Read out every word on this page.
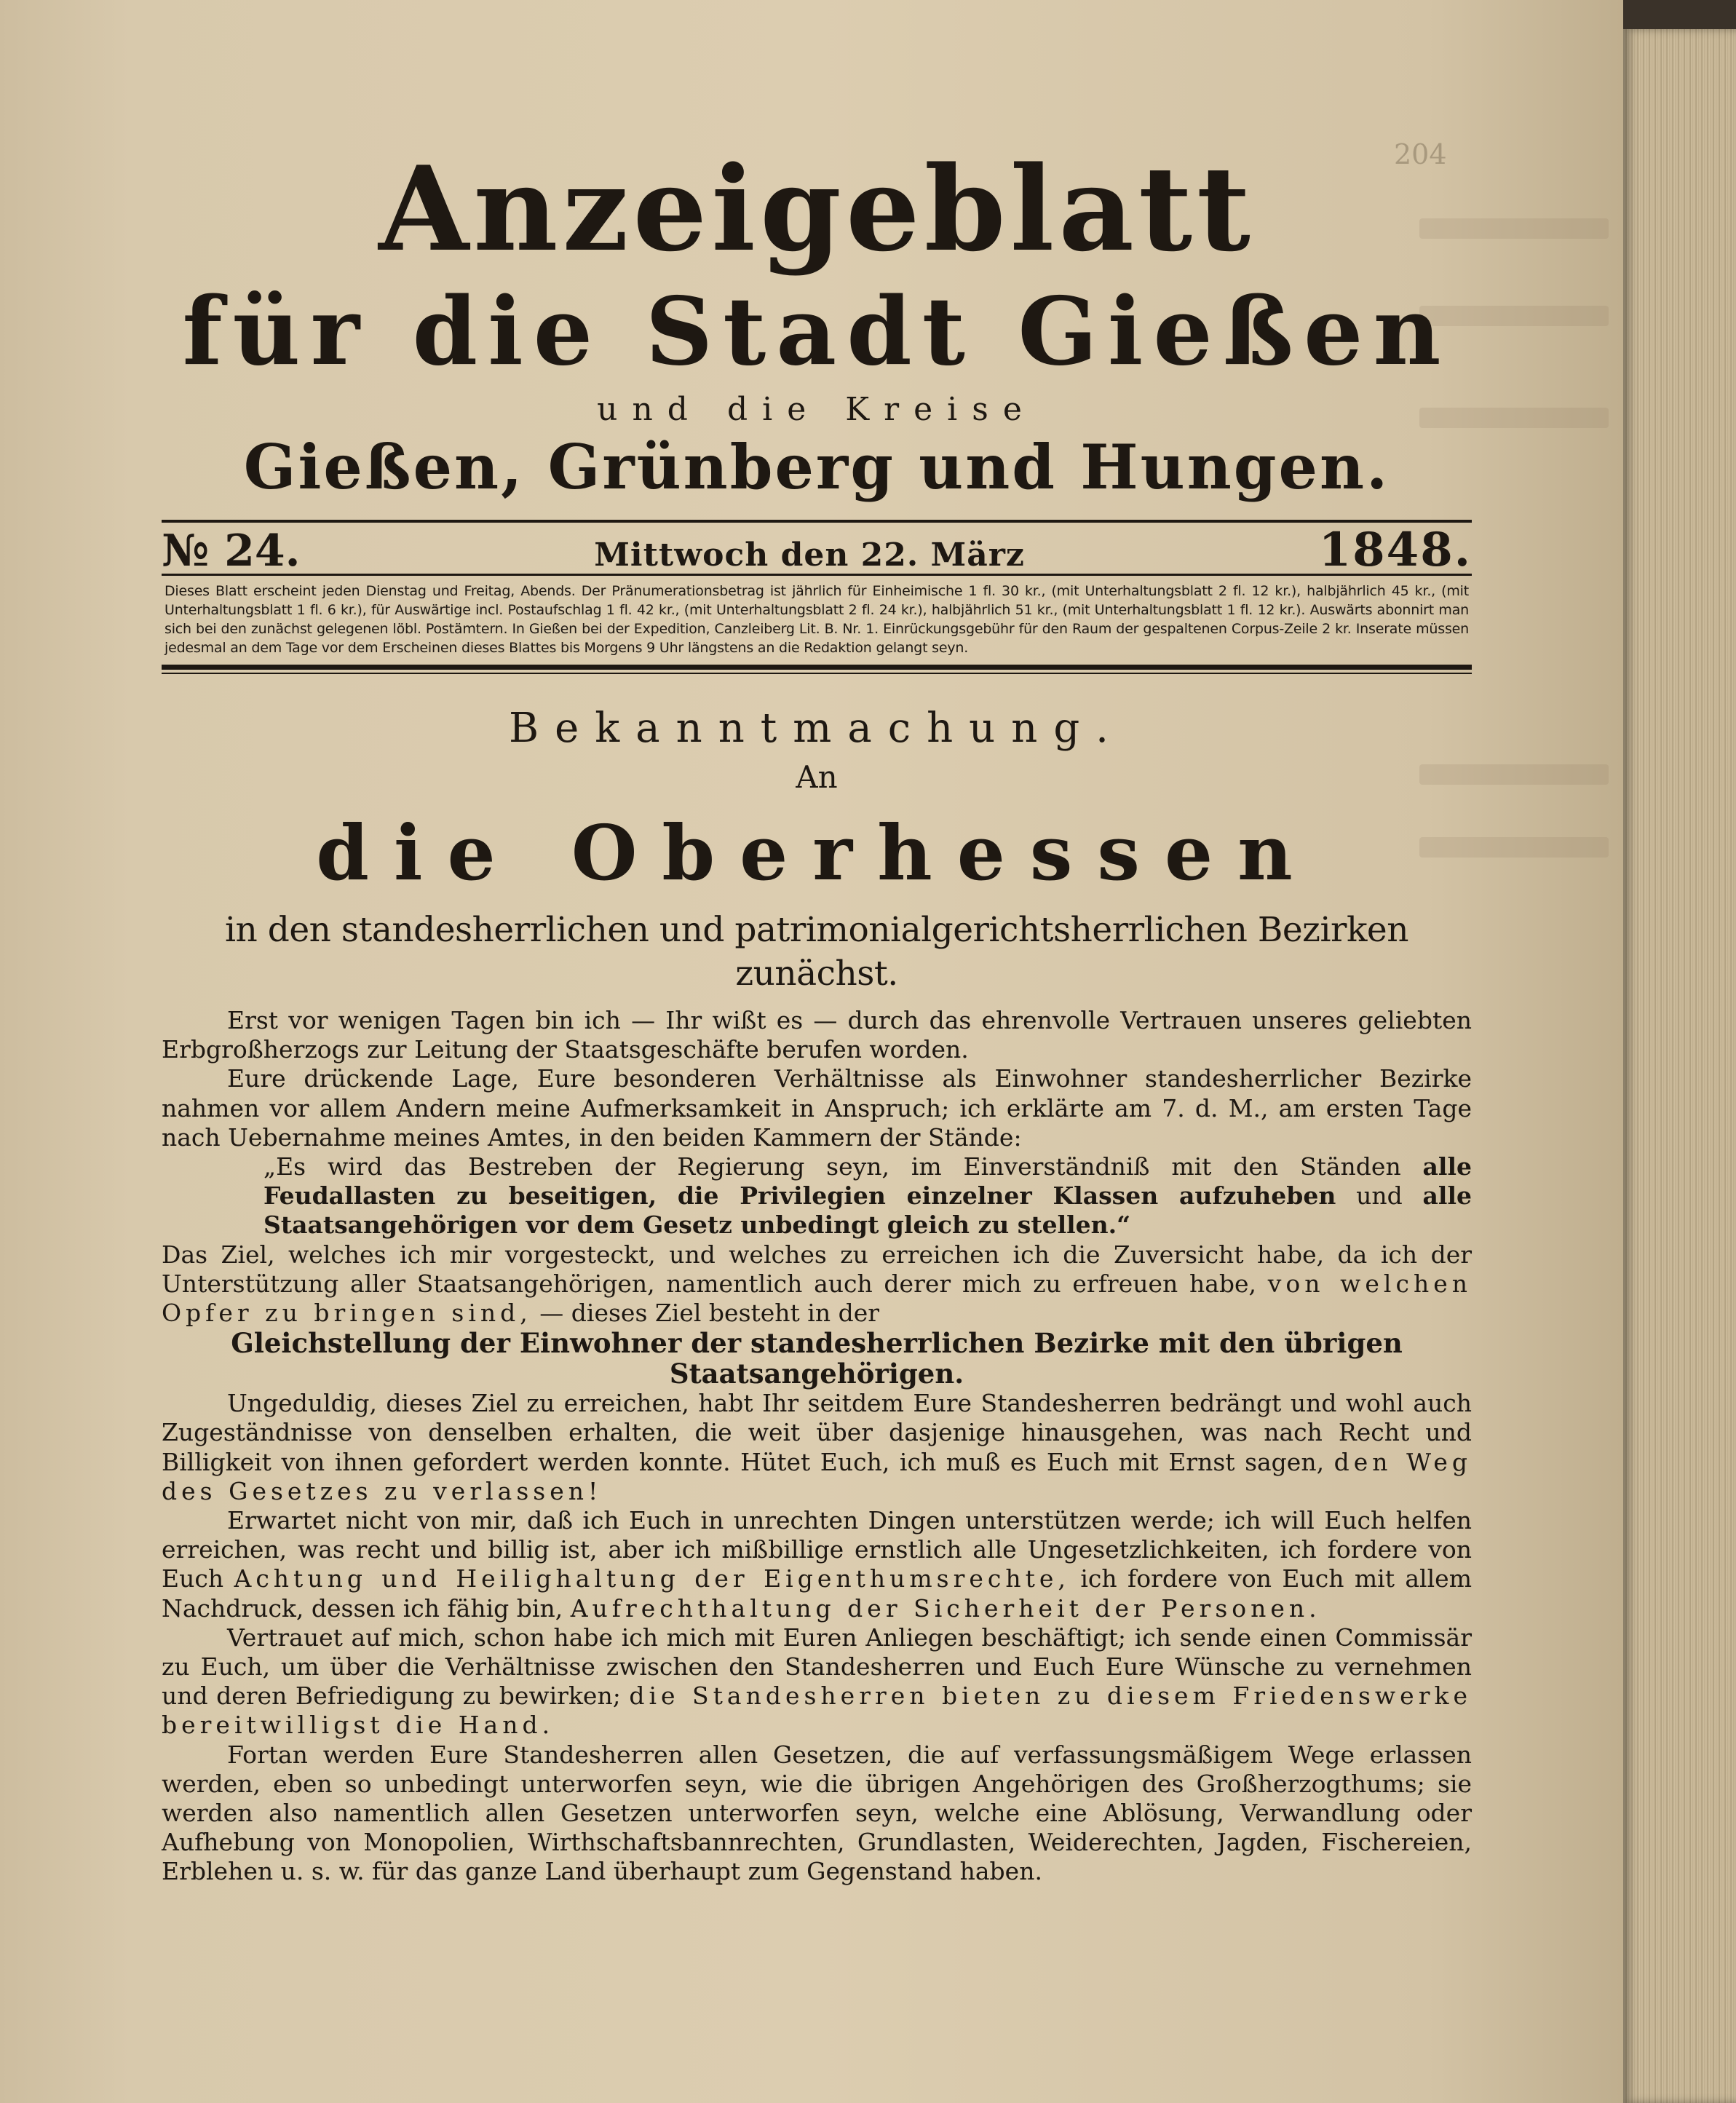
204
Anzeigeblatt
für die Stadt Gießen
und die Kreise
Gießen, Grünberg und Hungen.
№ 24.	Mittwoch den 22. März	1848.

Dieses Blatt erscheint jeden Dienstag und Freitag, Abends. Der Pränumerationsbetrag ist jährlich für Einheimische 1 fl. 30 kr., (mit Unterhaltungsblatt 2 fl. 12 kr.), halbjährlich 45 kr., (mit Unterhaltungsblatt 1 fl. 6 kr.), für Auswärtige incl. Postaufschlag 1 fl. 42 kr., (mit Unterhaltungsblatt 2 fl. 24 kr.), halbjährlich 51 kr., (mit Unterhaltungsblatt 1 fl. 12 kr.). Auswärts abonnirt man sich bei den zunächst gelegenen löbl. Postämtern. In Gießen bei der Expedition, Canzleiberg Lit. B. Nr. 1. Einrückungsgebühr für den Raum der gespaltenen Corpus-Zeile 2 kr. Inserate müssen jedesmal an dem Tage vor dem Erscheinen dieses Blattes bis Morgens 9 Uhr längstens an die Redaktion gelangt seyn.

Bekanntmachung.
An
die Oberhessen
in den standesherrlichen und patrimonialgerichtsherrlichen Bezirken zunächst.

Erst vor wenigen Tagen bin ich — Ihr wißt es — durch das ehrenvolle Vertrauen unseres geliebten Erbgroßherzogs zur Leitung der Staatsgeschäfte berufen worden.

Eure drückende Lage, Eure besonderen Verhältnisse als Einwohner standesherrlicher Bezirke nahmen vor allem Andern meine Aufmerksamkeit in Anspruch; ich erklärte am 7. d. M., am ersten Tage nach Uebernahme meines Amtes, in den beiden Kammern der Stände:

„Es wird das Bestreben der Regierung seyn, im Einverständniß mit den Ständen alle Feudallasten zu beseitigen, die Privilegien einzelner Klassen aufzuheben und alle Staatsangehörigen vor dem Gesetz unbedingt gleich zu stellen.“

Das Ziel, welches ich mir vorgesteckt, und welches zu erreichen ich die Zuversicht habe, da ich der Unterstützung aller Staatsangehörigen, namentlich auch derer mich zu erfreuen habe, von welchen Opfer zu bringen sind, — dieses Ziel besteht in der

Gleichstellung der Einwohner der standesherrlichen Bezirke mit den übrigen Staatsangehörigen.

Ungeduldig, dieses Ziel zu erreichen, habt Ihr seitdem Eure Standesherren bedrängt und wohl auch Zugeständnisse von denselben erhalten, die weit über dasjenige hinausgehen, was nach Recht und Billigkeit von ihnen gefordert werden konnte. Hütet Euch, ich muß es Euch mit Ernst sagen, den Weg des Gesetzes zu verlassen!

Erwartet nicht von mir, daß ich Euch in unrechten Dingen unterstützen werde; ich will Euch helfen erreichen, was recht und billig ist, aber ich mißbillige ernstlich alle Ungesetzlichkeiten, ich fordere von Euch Achtung und Heilighaltung der Eigenthumsrechte, ich fordere von Euch mit allem Nachdruck, dessen ich fähig bin, Aufrechthaltung der Sicherheit der Personen.

Vertrauet auf mich, schon habe ich mich mit Euren Anliegen beschäftigt; ich sende einen Commissär zu Euch, um über die Verhältnisse zwischen den Standesherren und Euch Eure Wünsche zu vernehmen und deren Befriedigung zu bewirken; die Standesherren bieten zu diesem Friedenswerke bereitwilligst die Hand.

Fortan werden Eure Standesherren allen Gesetzen, die auf verfassungsmäßigem Wege erlassen werden, eben so unbedingt unterworfen seyn, wie die übrigen Angehörigen des Großherzogthums; sie werden also namentlich allen Gesetzen unterworfen seyn, welche eine Ablösung, Verwandlung oder Aufhebung von Monopolien, Wirthschaftsbannrechten, Grundlasten, Weiderechten, Jagden, Fischereien, Erblehen u. s. w. für das ganze Land überhaupt zum Gegenstand haben.
